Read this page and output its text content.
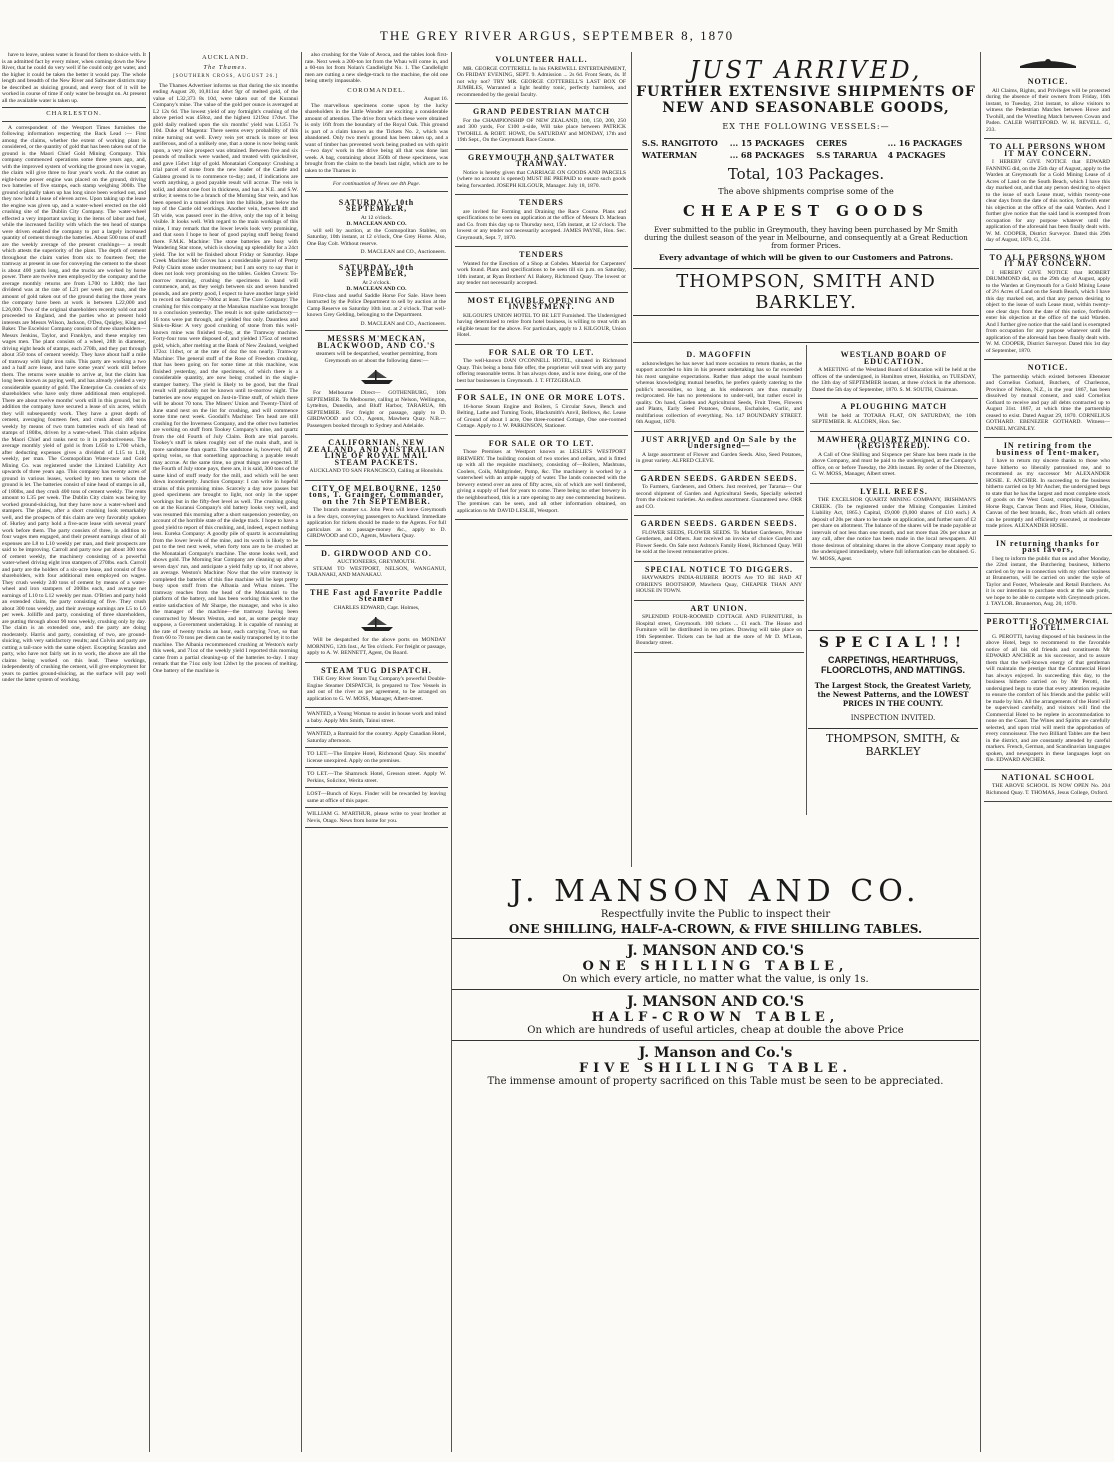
THE GREY RIVER ARGUS, SEPTEMBER 8, 1870

have to leave, unless water is found for them to sluice with. It is an admitted fact by every miner, when coming down the New River, that he could do very well if he could only get water, and the higher it could be taken the better it would pay. The whole length and breadth of the New River and Saltwater districts may be described as sluicing ground, and every foot of it will be worked in course of time if only water be brought on. At present all the available water is taken up.

CHARLESTON.

A correspondent of the Westport Times furnishes the following information respecting the Back Lead :— First among the claims, whether the extent of working plant is considered, or the quantity of gold that has been taken out of the ground is the Maori Chief Gold Mining Company. This company commenced operations some three years ago, and, with the improved system of working the ground now in vogue, the claim will give three to four year's work. At the outset an eight-horse power engine was placed on the ground, driving two batteries of five stamps, each stamp weighing 300lb. The ground originally taken up has long since been worked out, and they now hold a lease of eleven acres. Upon taking up the lease the engine was given up, and a water-wheel erected on the old crushing site of the Dublin City Company. The water-wheel effected a very important saving in the items of labor and fuel, while the increased facility with which the ten head of stamps were driven enabled the company to put a largely increased quantity of cement through the batteries. About 500 tons of stuff are the weekly average of the present crushings— a result which attests the superiority of the plant. The depth of cement throughout the claim varies from six to fourteen feet; the tramway at present in use for conveying the cement to the shoot is about 400 yards long, and the trucks are worked by horse power. There are twelve men employed by the company and the average monthly returns are from L700 to L800; the last dividend was at the rate of L21 per week per man, and the amount of gold taken out of the ground during the three years the company have been at work is between L22,000 and L26,000. Two of the original shareholders recently sold out and proceeded to England, and the parties who at present hold interests are Messrs Wilson, Jackson, O'Dea, Quigley, King and Baker. The Excelsior Company consists of three shareholders—Messrs Jenkins, Taylor, and Franklyn, and these employ ten wages men. The plant consists of a wheel, 28ft in diameter, driving eight heads of stamps, each 270lb, and they put through about 350 tons of cement weekly. They have about half a mile of tramway with light iron rails. This party are working a two and a half acre lease, and have some years' work still before them. The returns were unable to arrive at, but the claim has long been known as paying well, and has already yielded a very considerable quantity of gold. The Enterprise Co. consists of six shareholders who have only three additional men employed. There are about twelve months' work still in this ground, but in addition the company have secured a lease of six acres, which they will subsequently work. They have a great depth of cement, averaging fourteen feet, and crush about 400 tons weekly by means of two tram batteries each of six head of stamps of 180lbs, driven by a water-wheel. This claim adjoins the Maori Chief and ranks next to it in productiveness. The average monthly yield of gold is from L650 to L700 which, after deducting expenses gives a dividend of L15 to L18, weekly, per man. The Cosmopolitan Water-race and Gold Mining Co. was registered under the Limited Liability Act upwards of three years ago. This company has twenty acres of ground in various leases, worked by ten men to whom the ground is let. The batteries consist of nine head of stamps in all, of 180lbs, and they crush 400 tons of cement weekly. The rents amount to L35 per week. The Dublin City claim was being by worked ground-sluicing, but they have now a water-wheel and stampers. The plates, after a short crushing look remarkably well, and the prospects of this claim are very favorably spoken of. Hurley and party hold a five-acre lease with several years' work before them. The party consists of three, in addition to four wages men engaged, and their present earnings clear of all expenses are L8 to L10 weekly per man, and their prospects are said to be improving. Carroll and party now put about 300 tons of cement weekly, the machinery consisting of a powerful water-wheel driving eight iron stampers of 270lbs. each. Carroll and party are the holders of a six-acre lease, and consist of five shareholders, with four additional men employed on wages. They crush weekly 240 tons of cement by means of a water-wheel and iron stampers of 200lbs each, and average net earnings of L10 to L12 weekly per man. O'Brien and party hold an extended claim, the party consisting of five. They crush about 300 tons weekly, and their average earnings are L5 to L6 per week. Jolliffe and party, consisting of three shareholders, are putting through about 90 tons weekly, crushing only by day. The claim is an extended one, and the party are doing moderately. Harris and party, consisting of two, are ground-sluicing, with very satisfactory results; and Colvin and party are cutting a tail-race with the same object. Excepting Scanlan and party, who have not fairly set in to work, the above are all the claims being worked on this lead. These workings, independently of crushing the cement, will give employment for years to parties ground-sluicing, as the surface will pay well under the latter system of working.

AUCKLAND.
The Thames.
[SOUTHERN CROSS, AUGUST 26.]

The Thames Advertiser informs us that during the six months ending August 20, 10,811oz 4dwt 9gr of melted gold, of the value of L32,373 8s 10d, were taken out of the Kuranui Company's mine. The value of the gold per ounce is averaged at L2 12s 6d. The lowest yield of any fortnight's crushing of the above period was 458oz, and the highest 1219oz 17dwt. The gold daily realised upon the six months' yield was L1351 7s 10d. Duke of Magenta: There seems every probability of this mine turning out well. Every vein yet struck is more or less auriferous, and of a unlikely one, that a stone is now being sunk upon, a very nice prospect was obtained. Between five and six pounds of mullock were washed, and treated with quicksilver, and gave 15dwt 14gr of gold. Monataiari Company: Crushing a trial parcel of stone from the new leader of the Castle and Galatea ground is to commence to-day; and, if indications are worth anything, a good payable result will accrue. The vein is solid, and about one foot in thickness, and has a N.E. and S.W. strike; it seems to be a branch of the Morning Star vein, and has been opened in a tunnel driven into the hillside, just below the top of the Castle old workings. Another vein, between 4ft and 5ft wide, was passed over in the drive, only the top of it being visible. It looks well. With regard to the main workings of this mine, I may remark that the lower levels look very promising, and that soon I hope to hear of good paying stuff being found there. F.M.K. Machine: The stone batteries are busy with Wandering Star stone, which is showing up splendidly for a 24ct yield. The lot will be finished about Friday or Saturday. Hape Creek Machine: Mr Groves has a considerable parcel of Pretty Polly Claim stone under treatment; but I am sorry to say that it does not look very promising on the tables. Golden Crown: To-morrow morning, crushing the specimens in hand will commence, and, as they weigh between six and seven hundred pounds, and are pretty good, I expect to have another large yield to record on Saturday—700oz at least. The Cure Company: The crushing for this company at the Manukau machine was brought to a conclusion yesterday. The result is not quite satisfactory—16 tons were put through, and yielded 8oz only. Dauntless and Sink-to-Rise: A very good crushing of stone from this well-known mine was finished to-day, at the Tramway machine. Forty-four tons were disposed of, and yielded 175oz of retorted gold, which, after melting at the Bank of New Zealand, weighed 172oz 11dwt, or at the rate of 4oz the ton nearly. Tramway Machine: The general stuff of the Rose of Freedom crushing, that has been going on for some time at this machine, was finished yesterday, and the specimens, of which there is a considerable quantity, are now being crushed in the single-stamper battery. The yield is likely to be good, but the final result will probably not be known until to-morrow night. The batteries are now engaged on Just-in-Time stuff, of which there will be about 70 tons. The Miners' Union and Twenty-Third of June stand next on the list for crushing, and will commence some time next week. Goodall's Machine: Ten head are still crushing for the Inverness Company, and the other two batteries are working on stuff from Tookey Company's mine, and quartz from the old Fourth of July Claim. Both are trial parcels. Tookey's stuff is taken roughly out of the main shaft, and is more sandstone than quartz. The sandstone is, however, full of spring veins, so that something approaching a payable result may accrue. At the same time, no great things are expected. If the Fourth of July stone pays, there are, it is said, 300 tons of the same kind of stuff ready for the mill, and which will be sent down incontinently. Junction Company: I can write in hopeful strains of this promising mine. Scarcely a day now passes but good specimens are brought to light, not only in the upper workings but in the fifty-feet level as well. The crushing going on at the Kuranui Company's old battery looks very well, and was resumed this morning after a short suspension yesterday, on account of the horrible state of the sledge track. I hope to have a good yield to report of this crushing, and, indeed, expect nothing less. Eureka Company: A goodly pile of quartz is accumulating from the lower levels of the mine, and its worth is likely to be put to the test next week, when forty tons are to be crushed at the Monataiari Company's machine. The stone looks well, and shows gold. The Morning Star Company are cleaning up after a seven days' run, and anticipate a yield fully up to, if not above, an average. Weston's Machine: Now that the wire tramway is completed the batteries of this fine machine will be kept pretty busy upon stuff from the Albania and Whau mines. The tramway reaches from the head of the Monataiari to the platform of the battery, and has been working this week to the entire satisfaction of Mr Sharpe, the manager, and who is also the manager of the machine—the tramway having been constructed by Messrs Weston, and not, as some people may suppose, a Government undertaking. It is capable of running at the rate of twenty trucks an hour, each carrying 7cwt, so that from 60 to 70 tons per diem can be easily transported by it to the machine. The Albania recommenced crushing at Weston's early this week, and 71oz of the weekly yield I reported this morning came from a partial cleaning-up of the batteries to-day. I may remark that the 71oz only lost 12dwt by the process of melting. One battery of the machine is

also crushing for the Vale of Avoca, and the tables look first-rate. Next week a 200-ton lot from the Whau will come in, and a 60-ton lot from Nolan's Candlelight No. 1. The Candlelight men are cutting a new sledge-track to the machine, the old one being utterly impassable.

COROMANDEL.
August 16.

The marvellous specimens come upon by the lucky shareholders in the Little Wonder are exciting a considerable amount of attention. The drive from which these were obtained is only 16ft from the boundary of the Royal Oak. This ground is part of a claim known as the Tickets No. 2, which was abandoned. Only two men's ground has been taken up, and a want of timber has prevented work being pushed on with spirit—two days' work in the drive being all that was done last week. A bag, containing about 350lb of these specimens, was brought from the claim to the beach last night, which are to be taken to the Thames in

For continuation of News see 4th Page.
SATURDAY, 10th SEPTEMBER,
At 12 o'clock.
D. MACLEAN AND CO.

will sell by auction, at the Cosmopolitan Stables, on Saturday, 10th instant, at 12 o'clock, One Grey Horse. Also, One Bay Colt. Without reserve.

D. MACLEAN and CO., Auctioneers.
SATURDAY, 10th SEPTEMBER,
At 2 o'clock.
D. MACLEAN AND CO.

First-class and useful Saddle Horse For Sale. Have been instructed by the Police Department to sell by auction at the Camp Reserve on Saturday 10th inst. at 2 o'clock. That well-known Grey Gelding, belonging to the Department.

D. MACLEAN and CO., Auctioneers.
MESSRS M'MECKAN, BLACKWOOD, AND CO.'S
steamers will be despatched, weather permitting, from Greymouth on or about the following dates:—

For Melbourne Direct— GOTHENBURG, 10th SEPTEMBER. To Melbourne, calling at Nelson, Wellington, Lyttelton, Dunedin, and Bluff Harbor, TARARUA, 8th SEPTEMBER. For freight or passage, apply to D. GIRDWOOD and CO., Agents, Mawhera Quay. N.B.—Passengers booked through to Sydney and Adelaide.

CALIFORNIAN, NEW ZEALAND, AND AUSTRALIAN LINE OF ROYAL MAIL STEAM PACKETS.
AUCKLAND TO SAN FRANCISCO, Calling at Honolulu.

CITY OF MELBOURNE, 1250 tons, T. Grainger, Commander, on the 7th SEPTEMBER.

The branch steamer s.s. John Penn will leave Greymouth in a few days, conveying passengers to Auckland. Immediate application for tickets should be made to the Agents. For full particulars as to passage-money &c., apply to D. GIRDWOOD and CO., Agents, Mawhera Quay.

D. GIRDWOOD AND CO.
AUCTIONEERS, GREYMOUTH.

STEAM TO WESTPORT, NELSON, WANGANUI, TARANAKI, AND MANAKAU.

THE Fast and Favorite Paddle Steamer
CHARLES EDWARD, Capt. Holmes,

Will be despatched for the above ports on MONDAY MORNING, 12th Inst., At Ten o'clock. For freight or passage, apply to A. W. BENNETT, Agent, On Board.

STEAM TUG DISPATCH.

THE Grey River Steam Tug Company's powerful Double-Engine Steamer DISPATCH, Is prepared to Tow Vessels in and out of the river as per agreement, to be arranged on application to G. W. MOSS, Manager, Albert-street.

WANTED, a Young Woman to assist in house work and mind a baby. Apply Mrs Smith, Tainui street.
WANTED, a Barmaid for the country. Apply Canadian Hotel, Saturday afternoon.
TO LET.—The Empire Hotel, Richmond Quay. Six months' license unexpired. Apply on the premises.
TO LET.—The Shamrock Hotel, Gresson street. Apply W. Perkins, Solicitor, Werita street.
LOST—Bunch of Keys. Finder will be rewarded by leaving same at office of this paper.
WILLIAM G. M'ARTHUR, please write to your brother at Nevis, Otago. News from home for you.
VOLUNTEER HALL.

MR. GEORGE COTTERELL In his FAREWELL ENTERTAINMENT, On FRIDAY EVENING, SEPT. 9. Admission ... 2s 6d. Front Seats, 4s. If not why not? TRY MR. GEORGE COTTERELL'S LAST BOX OF JUMBLES, Warranted a light healthy tonic, perfectly harmless, and recommended by the genial faculty.

GRAND PEDESTRIAN MATCH

For the CHAMPIONSHIP OF NEW ZEALAND, 100, 150, 200, 250 and 300 yards, For £100 a-side, Will take place between PATRICK TWOHILL & ROBT. HOWE, On SATURDAY and MONDAY, 17th and 19th Sept., On the Greymouth Race Course.

GREYMOUTH AND SALTWATER TRAMWAY.

Notice is hereby given that CARRIAGE ON GOODS AND PARCELS (where no account is opened) MUST BE PREPAID to ensure such goods being forwarded. JOSEPH KILGOUR, Manager. July 18, 1870.

TENDERS

are invited for Forming and Draining the Race Course. Plans and specifications to be seen on application at the office of Messrs D. Maclean and Co. from this day up to Thursday next, 15th instant, at 12 o'clock. The lowest or any tender not necessarily accepted. JAMES PAYNE, Hon. Sec. Greymouth, Sept. 7, 1870.

TENDERS

Wanted for the Erection of a Shop at Cobden. Material for Carpenters' work found. Plans and specifications to be seen till six p.m. on Saturday, 10th instant, at Ryan Brothers' A1 Bakery, Richmond Quay. The lowest or any tender not necessarily accepted.

MOST ELIGIBLE OPENING AND INVESTMENT.

KILGOUR'S UNION HOTEL TO BE LET Furnished. The Undersigned having determined to retire from hotel business, is willing to treat with an eligible tenant for the above. For particulars, apply to J. KILGOUR, Union Hotel.

FOR SALE OR TO LET.

The well-known DAN O'CONNELL HOTEL, situated in Richmond Quay. This being a bona fide offer, the proprietor will treat with any party offering reasonable terms. It has always done, and is now doing, one of the best bar businesses in Greymouth. J. T. FITZGERALD.

FOR SALE, IN ONE OR MORE LOTS.

16-horse Steam Engine and Boilers, 5 Circular Saws, Bench and Belting, Lathe and Turning Tools, Blacksmith's Anvil, Bellows, &c. Lease of Ground of about 1 acre, One three-roomed Cottage, One one-roomed Cottage. Apply to J. W. PARKINSON, Stationer.

FOR SALE OR TO LET.

Those Premises at Westport known as LESLIE'S WESTPORT BREWERY. The building consists of two stories and cellars, and is fitted up with all the requisite machinery, consisting of—Boilers, Mashtuns, Coolers, Coils, Maltgrinder, Pump, &c. The machinery is worked by a waterwheel with an ample supply of water. The lands connected with the brewery extend over an area of fifty acres, six of which are well timbered, giving a supply of fuel for years to come. There being no other brewery in the neighbourhood, this is a rare opening to any one commencing business. The premises can be seen, and all other information obtained, on application to Mr DAVID LESLIE, Westport.

JUST ARRIVED,
FURTHER EXTENSIVE SHIPMENTS OF NEW AND SEASONABLE GOODS,
EX THE FOLLOWING VESSELS:—
S.S. RANGITOTO	... 15 PACKAGES	CERES	... 16 PACKAGES
WATERMAN	... 68 PACKAGES	S.S TARARUA	4 PACKAGES
Total, 103 Packages.
The above shipments comprise some of the
CHEAPEST GOODS
Ever submitted to the public in Greymouth, they having been purchased by Mr Smith during the dullest season of the year in Melbourne, and consequently at a Great Reduction from former Prices.
Every advantage of which will be given to our Customers and Patrons.
THOMPSON, SMITH AND BARKLEY.
D. MAGOFFIN

acknowledges he has never had more occasion to return thanks, as the support accorded to him in his present undertaking has so far exceeded his most sanguine expectations. Rather than adopt the usual humbum whereas knowledging mutual benefits, he prefers quietly catering to the public's necessities, so long as his endeavors are thus mutually reciprocated. He has no pretensions to under-sell, but rather excel in quality. On hand, Garden and Agricultural Seeds, Fruit Trees, Flowers and Plants, Early Seed Potatoes, Onions, Eschaloles, Garlic, and multifarious collection of everything. No. 147 BOUNDARY STREET. 6th August, 1870.

JUST ARRIVED and On Sale by the Undersigned—

A large assortment of Flower and Garden Seeds. Also, Seed Potatoes, in great variety. ALFRED CLEVE.

GARDEN SEEDS. GARDEN SEEDS.

To Farmers, Gardeners, and Others. Just received, per Tararua— Our second shipment of Garden and Agricultural Seeds, Specially selected from the choicest varieties. An endless assortment. Guaranteed new. ORR and CO.

GARDEN SEEDS. GARDEN SEEDS.

FLOWER SEEDS, FLOWER SEEDS. To Market Gardeners, Private Gentlemen, and Others. Just received an invoice of choice Garden and Flower Seeds. On Sale next Ashton's Family Hotel, Richmond Quay. Will be sold at the lowest remunerative prices.

SPECIAL NOTICE TO DIGGERS.

HAYWARD'S INDIA-RUBBER BOOTS Are TO BE HAD AT O'BRIEN'S BOOTSHOP, Mawhera Quay, CHEAPER THAN ANY HOUSE IN TOWN.

ART UNION.

SPLENDID FOUR-ROOMED COTTAGE AND FURNITURE, In Hospital street, Greymouth. 100 tickets ... £1 each. The House and Furniture will be distributed in ten prizes. Drawing will take place on 19th September. Tickets can be had at the store of Mr D. M'Lean, Boundary street.

WESTLAND BOARD OF EDUCATION.

A MEETING of the Westland Board of Education will be held at the offices of the undersigned, in Hamilton street, Hokitika, on TUESDAY, the 13th day of SEPTEMBER instant, at three o'clock in the afternoon. Dated the 5th day of September, 1870. S. M. SOUTH, Chairman.

A PLOUGHING MATCH

Will be held at TOTARA FLAT, ON SATURDAY, the 10th SEPTEMBER. R. ALCORN, Hon. Sec.

MAWHERA QUARTZ MINING CO. (REGISTERED).

A Call of One Shilling and Sixpence per Share has been made in the above Company, and must be paid to the undersigned, at the Company's office, on or before Tuesday, the 20th instant. By order of the Directors, G. W. MOSS, Manager, Albert street.

LYELL REEFS.

THE EXCELSIOR QUARTZ MINING COMPANY, IRISHMAN'S CREEK. (To be registered under the Mining Companies Limited Liability Act, 1865.) Capital, £9,000 (9,000 shares of £10 each.) A deposit of 20s per share to be made on application, and further sum of £2 per share on allotment. The balance of the shares will be made payable at intervals of not less than one month, and not more than 20s per share at any call, after due notice has been made in the local newspapers. All those desirous of obtaining shares in the above Company must apply to the undersigned immediately, where full information can be obtained. G. W. MOSS, Agent.

SPECIAL!!!
CARPETINGS, HEARTHRUGS, FLOORCLOTHS, AND MATTINGS.
The Largest Stock, the Greatest Variety, the Newest Patterns, and the LOWEST PRICES IN THE COUNTY.
INSPECTION INVITED.
THOMPSON, SMITH, & BARKLEY
NOTICE.

All Claims, Rights, and Privileges will be protected during the absence of their owners from Friday, 16th instant, to Tuesday, 21st instant, to allow visitors to witness the Pedestrian Matches between Howe and Twohill, and the Wrestling Match between Cowan and Paden. CALEB WHITEFORD. W. H. REVELL. G, 233.

TO ALL PERSONS WHOM IT MAY CONCERN.

I HEREBY GIVE NOTICE that EDWARD FANNING did, on the 25th day of August, apply to the Warden at Greymouth for a Gold Mining Lease of 4 Acres of Land on the South Beach, which I have this day marked out, and that any person desiring to object to the issue of such Lease must, within twenty-one clear days from the date of this notice, forthwith enter his objection at the office of the said Warden. And I further give notice that the said land is exempted from occupation for any purpose whatever until the application of the aforesaid has been finally dealt with. W. M. COOPER, District Surveyor. Dated this 29th day of August, 1870. G, 234.

TO ALL PERSONS WHOM IT MAY CONCERN.

I HEREBY GIVE NOTICE that ROBERT DRUMMOND did, on the 29th day of August, apply to the Warden at Greymouth for a Gold Mining Lease of 2½ Acres of Land on the South Beach, which I have this day marked out, and that any person desiring to object to the issue of such Lease must, within twenty-one clear days from the date of this notice, forthwith enter his objection at the office of the said Warden. And I further give notice that the said land is exempted from occupation for any purpose whatever until the application of the aforesaid has been finally dealt with. W. M. COOPER, District Surveyor. Dated this 1st day of September, 1870.

NOTICE.

The partnership which existed between Ebenezer and Cornelius Gothard, Butchers, of Charleston, Province of Nelson, N.Z., in the year 1867, has been dissolved by mutual consent, and said Cornelius Gothard to receive and pay all debts contracted up to August 31st. 1867, at which time the partnership ceased to exist. Dated August 29, 1870. CORNELIUS GOTHARD. EBENEZER GOTHARD. Witness—DANIEL M'GINLEY.

IN retiring from the business of Tent-maker,

I have to return my sincere thanks to those who have hitherto so liberally patronised me, and to recommend as my successor Mr ALEXANDER HOSIE. E. ANCHER. In succeeding to the business hitherto carried on by Mr Ancher, the undersigned begs to state that he has the largest and most complete stock of goods on the West Coast, comprising Tarpaulins, Horse Rugs, Canvas Tents and Flies, Hose, Oilskins, Canvas of the best brands, &c., from which all orders can be promptly and efficiently executed, at moderate trade prices. ALEXANDER HOSIE.

IN returning thanks for past favors,

I beg to inform the public that on and after Monday, the 22nd instant, the Butchering business, hitherto carried on by me in connection with my other business at Brunnerton, will be carried on under the style of Taylor and Foster, Wholesale and Retail Butchers. As it is our intention to purchase stock at the sale yards, we hope to be able to compete with Greymouth prices. J. TAYLOR. Brunnerton, Aug. 20, 1870.

PEROTTI'S COMMERCIAL HOTEL.

G. PEROTTI, having disposed of his business in the above Hotel, begs to recommend to the favorable notice of all his old friends and constituents Mr EDWARD ANCHER as his successor, and to assure them that the well-known energy of that gentleman will maintain the prestige that the Commercial Hotel has always enjoyed. In succeeding this day, to the business hitherto carried on by Mr Perotti, the undersigned begs to state that every attention requisite to ensure the comfort of his friends and the public will be made by him. All the arrangements of the Hotel will be supervised carefully, and visitors will find the Commercial Hotel to be replete in accommodation to none on the Coast. The Wines and Spirits are carefully selected, and upon trial will merit the approbation of every connoisseur. The two Billiard Tables are the best in the district, and are constantly attended by careful markers. French, German, and Scandinavian languages spoken, and newspapers in these languages kept on file. EDWARD ANCHER.

NATIONAL SCHOOL

THE ABOVE SCHOOL IS NOW OPEN No. 204 Richmond Quay. T. THOMAS, Jesus College, Oxford.

J. MANSON AND CO.
Respectfully invite the Public to inspect their
ONE SHILLING, HALF-A-CROWN, & FIVE SHILLING TABLES.
J. MANSON AND CO.'S
ONE SHILLING TABLE,
On which every article, no matter what the value, is only 1s.
J. MANSON AND CO.'S
HALF-CROWN TABLE,
On which are hundreds of useful articles, cheap at double the above Price
J. Manson and Co.'s
FIVE SHILLING TABLE.
The immense amount of property sacrificed on this Table must be seen to be appreciated.
